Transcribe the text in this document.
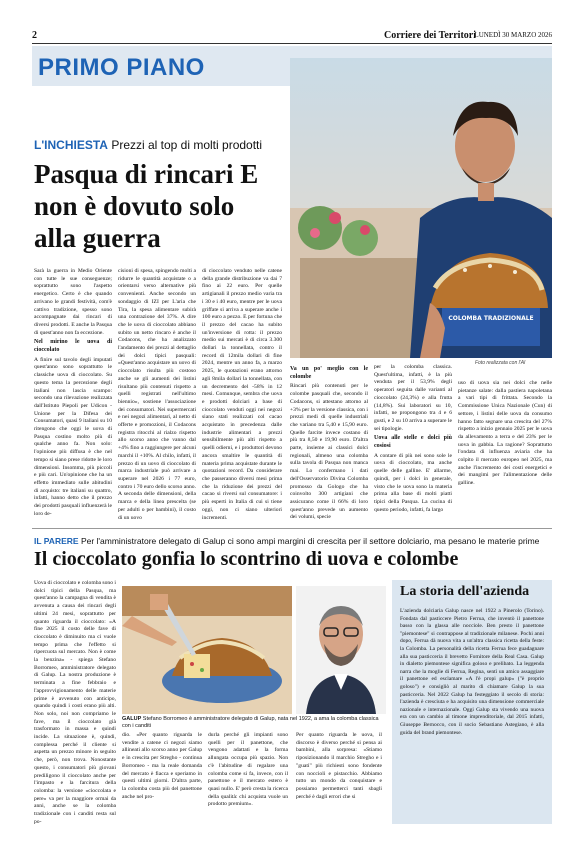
2	Corriere dei Territori
LUNEDÌ 30 MARZO 2026
PRIMO PIANO
L'INCHIESTA Prezzi al top di molti prodotti
Pasqua di rincari E non è dovuto solo alla guerra
COLOMBA TRADIZIONALE
Foto realizzata con l'AI

Sarà la guerra in Medio Oriente con tutte le sue conseguenze; soprattutto sono l'aspetto energetico. Certo è che quando arrivano le grandi festività, com'è cattivo tradizione, spesso sono accompagnate dai rincari di diversi prodotti. E anche la Pasqua di quest'anno non fa eccezione.

Nel mirino le uova di cioccolato

A finire sul tavolo degli imputati quest'anno sono soprattutto le classiche uova di cioccolato. Su questo tema la percezione degli italiani non lascia scampo: secondo una rilevazione realizzata dall'Istituto Piepoli per Udicon - Unione per la Difesa dei Consumatori, quasi 9 italiani su 10 ritengono che oggi le uova di Pasqua costino molto più di qualche anno fa. Non solo: l'opinione più diffusa è che nel tempo si siano prese ridotte le loro dimensioni. Insomma, più piccoli e più cari. Un'opinione che ha un effetto immediato sulle abitudini di acquisto: tre italiani su quattro, infatti, hanno detto che il prezzo dei prodotti pasquali influenzerà le loro de-

cisioni di spesa, spingendo molti a ridurre le quantità acquistate o a orientarsi verso alternative più convenienti. Anche secondo un sondaggio di IZI per L'aria che Tira, la spesa alimentare subirà una contrazione del 37%. A dire che le uova di cioccolato abbiano subito un netto rincaro è anche il Codacons, che ha analizzato l'andamento dei prezzi al dettaglio dei dolci tipici pasquali: «Quest'anno acquistare un uovo di cioccolato risulta più costoso anche se gli aumenti dei listini risultano più contenuti rispetto a quelli registrati nell'ultimo biennio», sostiene l'associazione dei consumatori. Nei supermercati e nei negozi alimentari, al netto di offerte e promozioni, il Codacons registra ritocchi al rialzo rispetto allo scorso anno che vanno dal +4% fino a raggiungere per alcuni marchi il +10%. Al chilo, infatti, il prezzo di un uovo di cioccolato di marca industriale può arrivare a superare nel 2026 i 77 euro, contro i 70 euro dello scorso anno. A seconda delle dimensioni, della marca e della linea prescelta (se per adulti o per bambini), il costo di un uovo

di cioccolato venduto nelle catene della grande distribuzione va dai 7 fino ai 22 euro. Per quelle artigianali il prezzo medio varia tra i 30 e i 40 euro, mentre per le uova griffate si arriva a superare anche i 100 euro a pezzo. E per fortuna che il prezzo del cacao ha subito un'inversione di rotta: il prezzo medio sui mercati è di circa 3.300 dollari la tonnellata, contro il record di 12mila dollari di fine 2024, mentre un anno fa, a marzo 2025, le quotazioni erano attorno agli 8mila dollari la tonnellata, con un decremento del -58% in 12 mesi. Comunque, sembra che uova e prodotti dolciari a base di cioccolato venduti oggi nei negozi siano stati realizzati col cacao acquistato in precedenza dalle industrie alimentari a prezzi sensibilmente più alti rispetto a quelli odierni, e i produttori devono ancora smaltire le quantità di materia prima acquistate durante le quotazioni record. Da considerare che passeranno diversi mesi prima che la riduzione dei prezzi del cacao si riversi sul consumatore: i più esperti in Italia di cui si tiene oggi, non ci siano ulteriori incrementi.

Va un po' meglio con le colombe

Rincari più contenuti per le colombe pasquali che, secondo il Codacons, si attestano attorno al +3% per la versione classica, con i prezzi medi di quelle industriali che variano tra 5,40 e 15,90 euro. Quelle farcite invece costano di più tra 8,50 e 19,90 euro. D'altra parte, insieme ai classici dolci regionali, almeno una colomba sulla tavola di Pasqua non manca mai. Lo confermano i dati dell'Osservatorio Divina Colomba promosso da Gologo che ha coinvolto 300 artigiani che assicurano come il 66% di loro quest'anno prevede un aumento dei volumi, specie

per la colomba classica. Quest'ultima, infatti, è la più venduta per il 53,9% degli operatori seguita dalle varianti al cioccolato (24,3%) e alla frutta (14,8%). Sui laboratori su 10, infatti, ne propongono tra 4 e 6 gusti, e 2 su 10 arriva a superare le sei tipologie.

Uova alle stelle e dolci più cosiosi

A contare di più nei sono sole le uova di cioccolato, ma anche quelle delle galline. E' allarme, quindi, per i dolci in generale, visto che le uova sono la materia prima alla base di molti piatti tipici della Pasqua. La cucina di questo periodo, infatti, fa largo

uso di uova sia nei dolci che nelle pietanze salate: dalla pastiera napoletana a vari tipi di frittata. Secondo la Commissione Unica Nazionale (Cun) di settore, i listini delle uova da consumo hanno fatto segnare una crescita del 27% rispetto a inizio gennaio 2025 per le uova da allevamento a terra e del 23% per le uova in gabbia. La ragione? Soprattutto l'ondata di influenza aviaria che ha colpito il mercato europeo nel 2025, ma anche l'incremento dei costi energetici e dei mangimi per l'alimentazione delle galline.

IL PARERE Per l'amministratore delegato di Galup ci sono ampi margini di crescita per il settore dolciario, ma pesano le materie prime
Il cioccolato gonfia lo scontrino di uova e colombe

Uova di cioccolato e colomba sono i dolci tipici della Pasqua, ma quest'anno la campagna di vendita è avvenuta a causa dei rincari degli ultimi 24 mesi, soprattutto per quanto riguarda il cioccolato: «A fine 2025 il costo delle fave di cioccolato è diminuito ma ci vuole tempo prima che l'effetto si ripercuota sul mercato. Non è come la benzina» - spiega Stefano Borromeo, amministratore delegato di Galup. La nostra produzione è terminata a fine febbraio e l'approvvigionamento delle materie prime è avvenuto con anticipo, quando quindi i costi erano più alti. Non solo, noi non compriamo le fave, ma il cioccolato già trasformato in massa e quindi incide. La situazione è, quindi, complessa perché il cliente si aspetta un prezzo minore in seguito che, però, non trova. Nonostante questo, i consumatori più giovani prediligono il cioccolato anche per l'impasto e la farcitura della colomba: la versione «cioccolata e pere» va per la maggiore ormai da anni, anche se la colomba tradizionale con i canditi resta sul po-

GALUP Stefano Borromeo è amministratore delegato di Galup, nata nel 1922, a ama la colomba classica con i canditi

dio. «Per quanto riguarda le vendite a catene ci negozi siamo allineati allo scorso anno per Galup e in crescita per Stregho - continua Borromeo - ma la reale domanda del mercato è fiacca e speriamo in questi ultimi giorni. D'altra parte, la colomba costa più del panettone anche nel pro-

durla perché gli impianti sono quelli per il panettone, che vengono adattati e la forma allungata occupa più spazio. Non c'è l'abitudine di regalare una colomba come si fa, invece, con il panettone e il mercato estero è quasi nullo. E' però cresta la ricerca della qualità: chi acquista vuole un prodotto premium».

Per quanto riguarda le uova, il discorso è diverso perché si pensa ai bambini, alla sorpresa: «Stiamo riposizionando il marchio Stregho e i "guati" più richiesti sono fondente con noccioli e pistacchio. Abbiamo tutto un mondo da conquistare e possiamo permetterci tanti sbagli perché è dagli errori che si

La storia dell'azienda
L'azienda dolciaria Galup nasce nel 1922 a Pinerolo (Torino). Fondata dal pasticcere Pietro Ferrua, che inventò il panettone basso con la glassa alle nocciole. Ben presto il panettone "piemontese" si contrappose al tradizionale milanese. Pochi anni dopo, Ferrua dà nuova vita a un'altra classica ricetta della feste: la Colomba. La personalità della ricetta Ferrua fece guadagnare alla sua pasticceria il brevetto Fornitore della Real Casa. Galup in dialetto piemontese significa goloso e prelibato. La leggenda narra che la moglie di Ferrua, Regina, sentì un amico assaggiare il panettone ed esclamare «A l'è propi galup» ("è proprio goloso") e consigliò al marito di chiamare Galup la sua pasticceria. Nel 2022 Galup ha festeggiato il secolo di storia: l'azienda è cresciuta e ha acquisito una dimensione commerciale nazionale e internazionale. Oggi Galup sta vivendo una nuova era con un cambio al timone imprenditoriale, dal 2015 infatti, Giuseppe Bernocco, con il socio Sebastiano Astegiano, è alla guida del brand piemontese.
